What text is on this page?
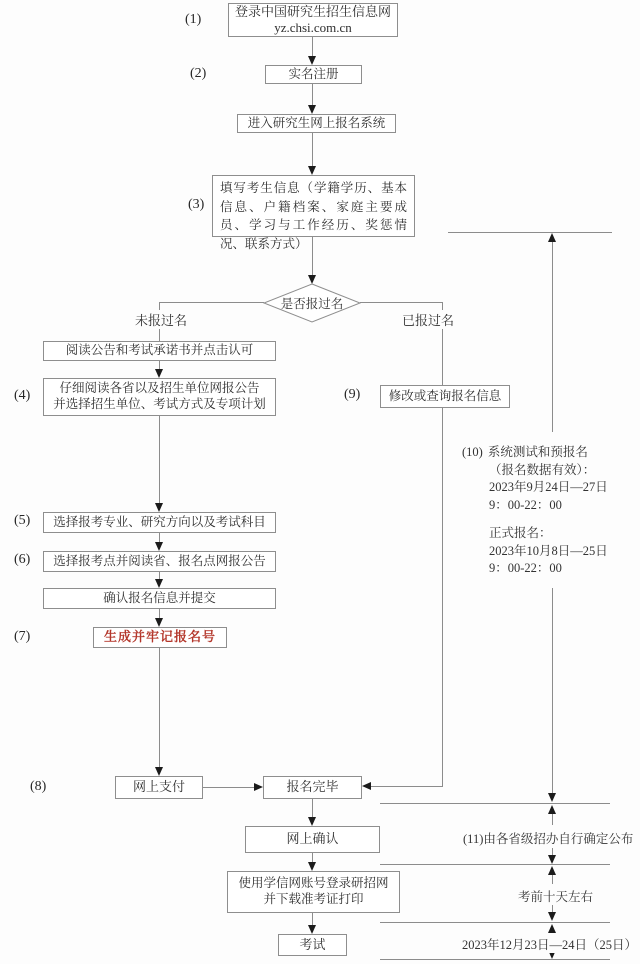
登录中国研究生招生信息网
yz.chsi.com.cn
实名注册
进入研究生网上报名系统
填写考生信息（学籍学历、基本信息、户籍档案、家庭主要成员、学习与工作经历、奖惩情况、联系方式）
是否报过名
阅读公告和考试承诺书并点击认可
仔细阅读各省以及招生单位网报公告
并选择招生单位、考试方式及专项计划
选择报考专业、研究方向以及考试科目
选择报考点并阅读省、报名点网报公告
确认报名信息并提交
生成并牢记报名号
网上支付	报名完毕
网上确认
使用学信网账号登录研招网
并下载准考证打印
考试
修改或查询报名信息
(1)
(2)
(3)
(4)
(5)
(6)
(7)
(8)
(9)
未报过名	已报过名
(10) 系统测试和预报名
（报名数据有效）：
2023年9月24日—27日
9：00-22：00
正式报名：
2023年10月8日—25日
9：00-22：00
(11)由各省级招办自行确定公布
考前十天左右
2023年12月23日—24日（25日）
